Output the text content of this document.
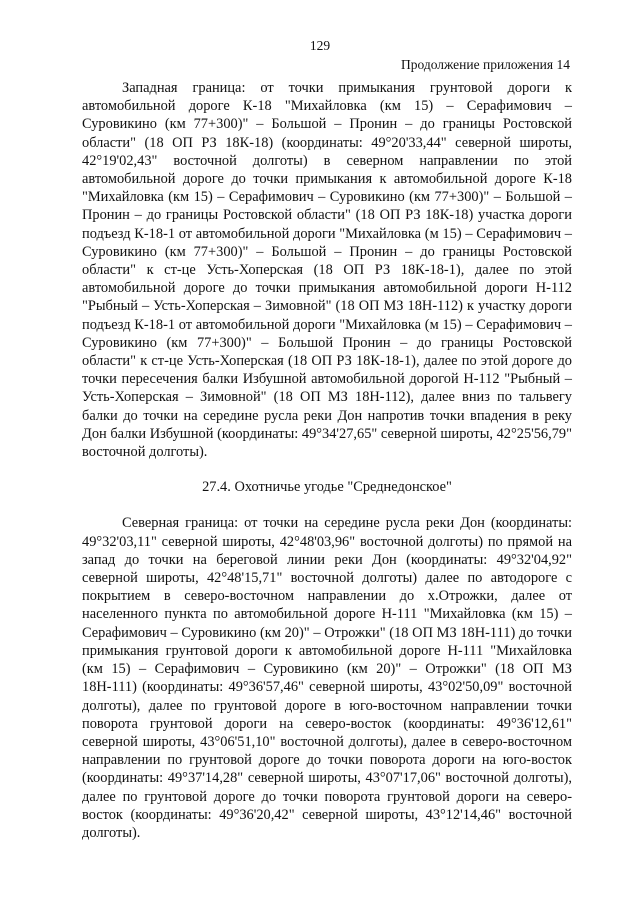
129
Продолжение приложения 14

Западная граница: от точки примыкания грунтовой дороги к автомобильной дороге К-18 "Михайловка (км 15) – Серафимович – Суровикино (км 77+300)" – Большой – Пронин – до границы Ростовской области" (18 ОП РЗ 18К-18) (координаты: 49°20'33,44" северной широты, 42°19'02,43" восточной долготы) в северном направлении по этой автомобильной дороге до точки примыкания к автомобильной дороге К-18 "Михайловка (км 15) – Серафимович – Суровикино (км 77+300)" – Большой – Пронин – до границы Ростовской области" (18 ОП РЗ 18К-18) участка дороги подъезд К-18-1 от автомобильной дороги "Михайловка (м 15) – Серафимович – Суровикино (км 77+300)" – Большой – Пронин – до границы Ростовской области" к ст-це Усть-Хоперская (18 ОП РЗ 18К-18-1), далее по этой автомобильной дороге до точки примыкания автомобильной дороги Н-112 "Рыбный – Усть-Хоперская – Зимовной" (18 ОП МЗ 18Н-112) к участку дороги подъезд К-18-1 от автомобильной дороги "Михайловка (м 15) – Серафимович – Суровикино (км 77+300)" – Большой Пронин – до границы Ростовской области" к ст-це Усть-Хоперская (18 ОП РЗ 18К-18-1), далее по этой дороге до точки пересечения балки Избушной автомобильной дорогой Н-112 "Рыбный – Усть-Хоперская – Зимовной" (18 ОП МЗ 18Н-112), далее вниз по тальвегу балки до точки на середине русла реки Дон напротив точки впадения в реку Дон балки Избушной (координаты: 49°34'27,65" северной широты, 42°25'56,79" восточной долготы).

27.4. Охотничье угодье "Среднедонское"

Северная граница: от точки на середине русла реки Дон (координаты: 49°32'03,11" северной широты, 42°48'03,96" восточной долготы) по прямой на запад до точки на береговой линии реки Дон (координаты: 49°32'04,92" северной широты, 42°48'15,71" восточной долготы) далее по автодороге с покрытием в северо-восточном направлении до х.Отрожки, далее от населенного пункта по автомобильной дороге Н-111 "Михайловка (км 15) – Серафимович – Суровикино (км 20)" – Отрожки" (18 ОП МЗ 18Н-111) до точки примыкания грунтовой дороги к автомобильной дороге Н-111 "Михайловка (км 15) – Серафимович – Суровикино (км 20)" – Отрожки" (18 ОП МЗ 18Н-111) (координаты: 49°36'57,46" северной широты, 43°02'50,09" восточной долготы), далее по грунтовой дороге в юго-восточном направлении точки поворота грунтовой дороги на северо-восток (координаты: 49°36'12,61" северной широты, 43°06'51,10" восточной долготы), далее в северо-восточном направлении по грунтовой дороге до точки поворота дороги на юго-восток (координаты: 49°37'14,28" северной широты, 43°07'17,06" восточной долготы), далее по грунтовой дороге до точки поворота грунтовой дороги на северо-восток (координаты: 49°36'20,42" северной широты, 43°12'14,46" восточной долготы).
